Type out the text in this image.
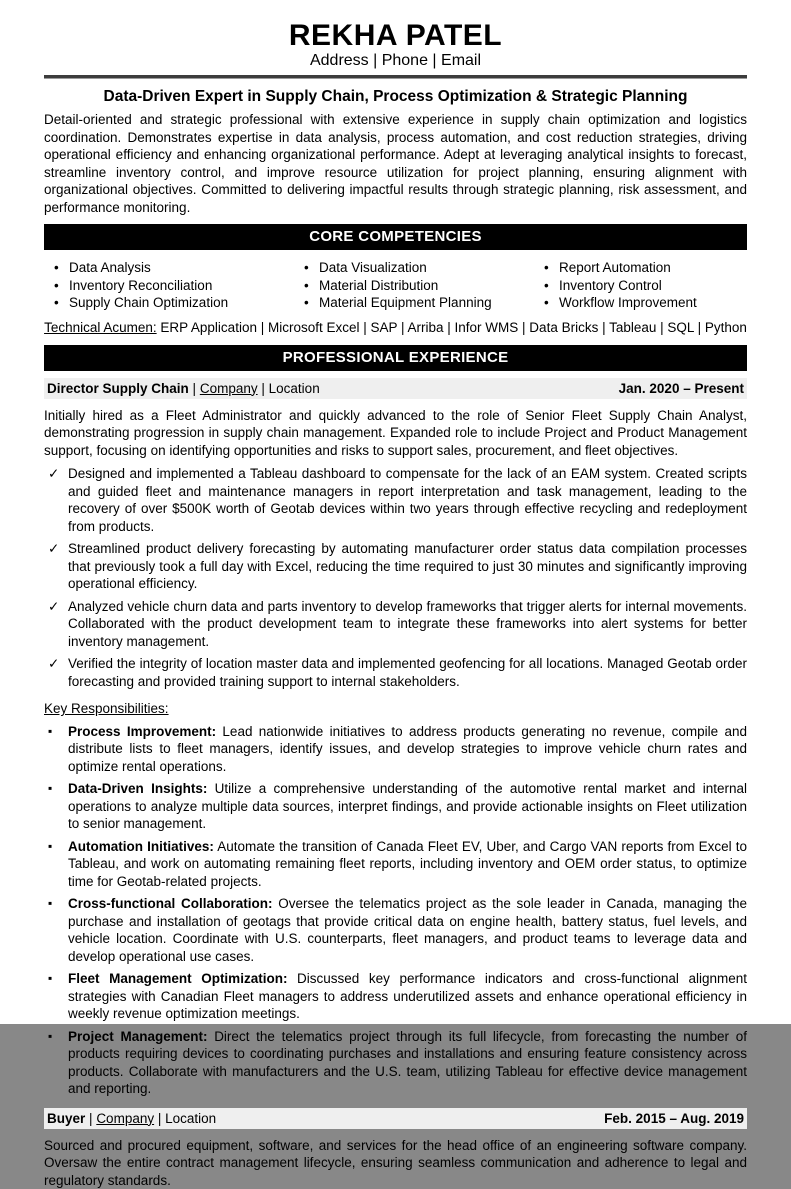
REKHA PATEL
Address | Phone | Email
Data-Driven Expert in Supply Chain, Process Optimization & Strategic Planning
Detail-oriented and strategic professional with extensive experience in supply chain optimization and logistics coordination. Demonstrates expertise in data analysis, process automation, and cost reduction strategies, driving operational efficiency and enhancing organizational performance. Adept at leveraging analytical insights to forecast, streamline inventory control, and improve resource utilization for project planning, ensuring alignment with organizational objectives. Committed to delivering impactful results through strategic planning, risk assessment, and performance monitoring.
CORE COMPETENCIES
• Data Analysis
• Inventory Reconciliation
• Supply Chain Optimization
• Data Visualization
• Material Distribution
• Material Equipment Planning
• Report Automation
• Inventory Control
• Workflow Improvement
Technical Acumen: ERP Application | Microsoft Excel | SAP | Arriba | Infor WMS | Data Bricks | Tableau | SQL | Python
PROFESSIONAL EXPERIENCE
Director Supply Chain | Company | Location	Jan. 2020 – Present
Initially hired as a Fleet Administrator and quickly advanced to the role of Senior Fleet Supply Chain Analyst, demonstrating progression in supply chain management. Expanded role to include Project and Product Management support, focusing on identifying opportunities and risks to support sales, procurement, and fleet objectives.
✓ Designed and implemented a Tableau dashboard to compensate for the lack of an EAM system. Created scripts and guided fleet and maintenance managers in report interpretation and task management, leading to the recovery of over $500K worth of Geotab devices within two years through effective recycling and redeployment from products.
✓ Streamlined product delivery forecasting by automating manufacturer order status data compilation processes that previously took a full day with Excel, reducing the time required to just 30 minutes and significantly improving operational efficiency.
✓ Analyzed vehicle churn data and parts inventory to develop frameworks that trigger alerts for internal movements. Collaborated with the product development team to integrate these frameworks into alert systems for better inventory management.
✓ Verified the integrity of location master data and implemented geofencing for all locations. Managed Geotab order forecasting and provided training support to internal stakeholders.
Key Responsibilities:
▪	Process Improvement: Lead nationwide initiatives to address products generating no revenue, compile and distribute lists to fleet managers, identify issues, and develop strategies to improve vehicle churn rates and optimize rental operations.
▪	Data-Driven Insights: Utilize a comprehensive understanding of the automotive rental market and internal operations to analyze multiple data sources, interpret findings, and provide actionable insights on Fleet utilization to senior management.
▪	Automation Initiatives: Automate the transition of Canada Fleet EV, Uber, and Cargo VAN reports from Excel to Tableau, and work on automating remaining fleet reports, including inventory and OEM order status, to optimize time for Geotab-related projects.
▪	Cross-functional Collaboration: Oversee the telematics project as the sole leader in Canada, managing the purchase and installation of geotags that provide critical data on engine health, battery status, fuel levels, and vehicle location. Coordinate with U.S. counterparts, fleet managers, and product teams to leverage data and develop operational use cases.
▪	Fleet Management Optimization: Discussed key performance indicators and cross-functional alignment strategies with Canadian Fleet managers to address underutilized assets and enhance operational efficiency in weekly revenue optimization meetings.
▪	Project Management: Direct the telematics project through its full lifecycle, from forecasting the number of products requiring devices to coordinating purchases and installations and ensuring feature consistency across products. Collaborate with manufacturers and the U.S. team, utilizing Tableau for effective device management and reporting.
Buyer | Company | Location	Feb. 2015 – Aug. 2019
Sourced and procured equipment, software, and services for the head office of an engineering software company. Oversaw the entire contract management lifecycle, ensuring seamless communication and adherence to legal and regulatory standards.
